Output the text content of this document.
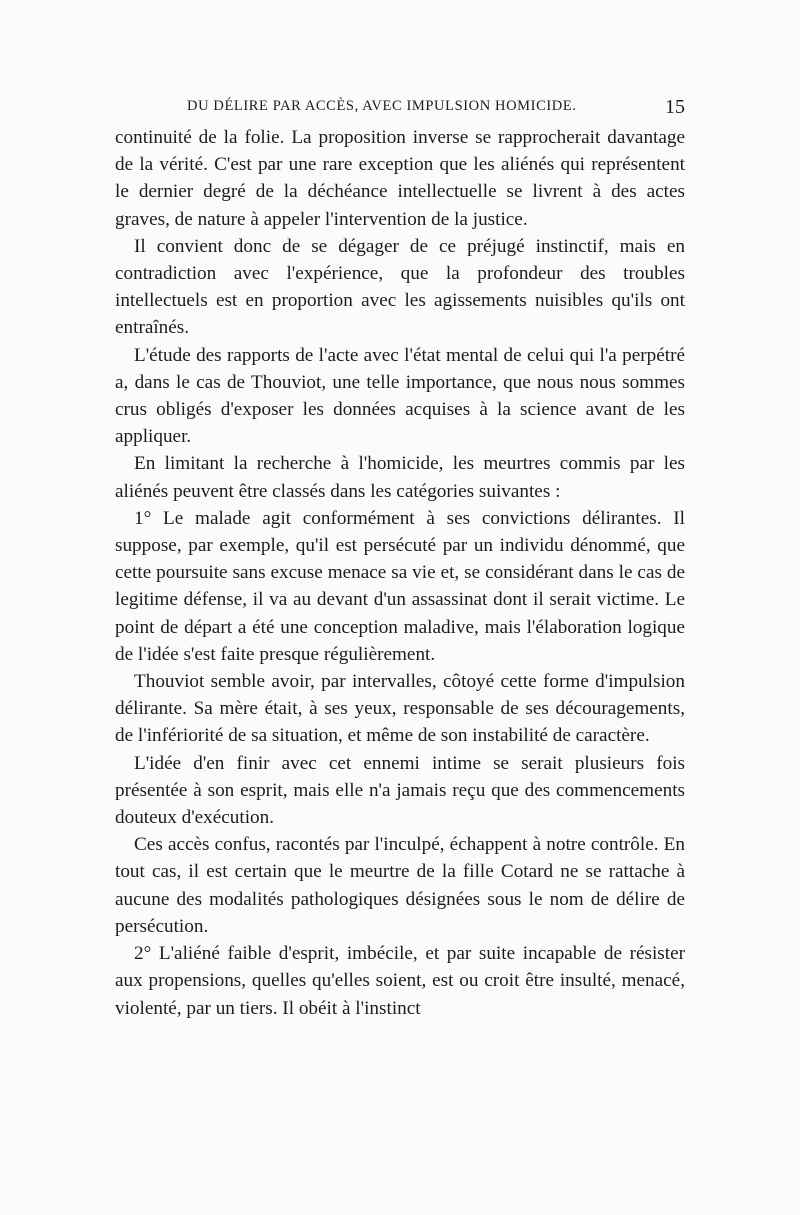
DU DÉLIRE PAR ACCÈS, AVEC IMPULSION HOMICIDE.	15

continuité de la folie. La proposition inverse se rapprocherait davantage de la vérité. C'est par une rare exception que les aliénés qui représentent le dernier degré de la déchéance intellectuelle se livrent à des actes graves, de nature à appeler l'intervention de la justice.

Il convient donc de se dégager de ce préjugé instinctif, mais en contradiction avec l'expérience, que la profondeur des troubles intellectuels est en proportion avec les agissements nuisibles qu'ils ont entraînés.

L'étude des rapports de l'acte avec l'état mental de celui qui l'a perpétré a, dans le cas de Thouviot, une telle importance, que nous nous sommes crus obligés d'exposer les données acquises à la science avant de les appliquer.

En limitant la recherche à l'homicide, les meurtres commis par les aliénés peuvent être classés dans les catégories suivantes :

1° Le malade agit conformément à ses convictions délirantes. Il suppose, par exemple, qu'il est persécuté par un individu dénommé, que cette poursuite sans excuse menace sa vie et, se considérant dans le cas de legitime défense, il va au devant d'un assassinat dont il serait victime. Le point de départ a été une conception maladive, mais l'élaboration logique de l'idée s'est faite presque régulièrement.

Thouviot semble avoir, par intervalles, côtoyé cette forme d'impulsion délirante. Sa mère était, à ses yeux, responsable de ses découragements, de l'infériorité de sa situation, et même de son instabilité de caractère.

L'idée d'en finir avec cet ennemi intime se serait plusieurs fois présentée à son esprit, mais elle n'a jamais reçu que des commencements douteux d'exécution.

Ces accès confus, racontés par l'inculpé, échappent à notre contrôle. En tout cas, il est certain que le meurtre de la fille Cotard ne se rattache à aucune des modalités pathologiques désignées sous le nom de délire de persécution.

2° L'aliéné faible d'esprit, imbécile, et par suite incapable de résister aux propensions, quelles qu'elles soient, est ou croit être insulté, menacé, violenté, par un tiers. Il obéit à l'instinct
